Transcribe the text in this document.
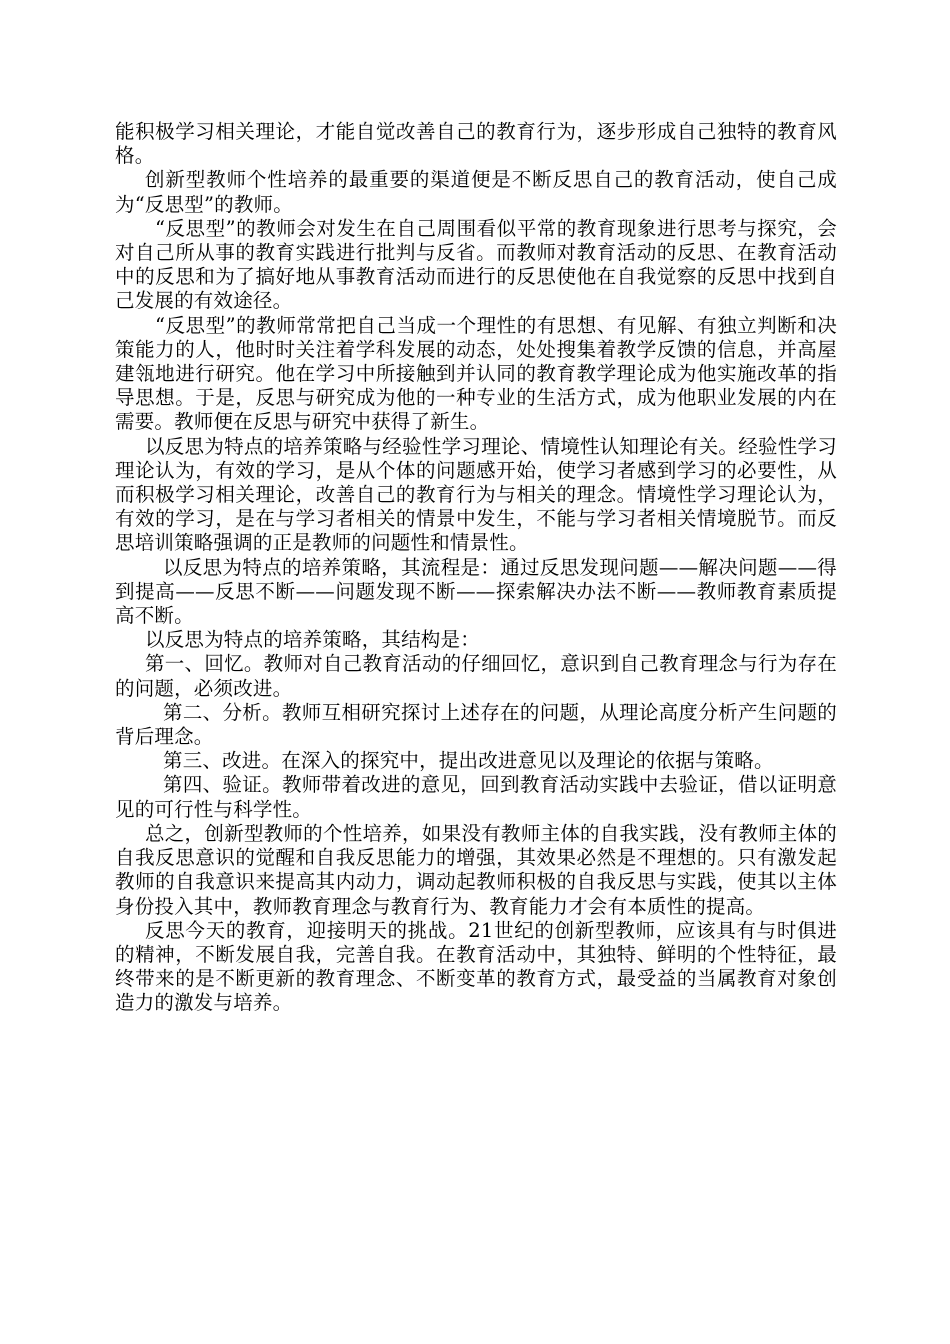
能积极学习相关理论，才能自觉改善自己的教育行为，逐步形成自己独特的教育风格。

创新型教师个性培养的最重要的渠道便是不断反思自己的教育活动，使自己成为“反思型”的教师。

“反思型”的教师会对发生在自己周围看似平常的教育现象进行思考与探究，会对自己所从事的教育实践进行批判与反省。而教师对教育活动的反思、在教育活动中的反思和为了搞好地从事教育活动而进行的反思使他在自我觉察的反思中找到自己发展的有效途径。

“反思型”的教师常常把自己当成一个理性的有思想、有见解、有独立判断和决策能力的人，他时时关注着学科发展的动态，处处搜集着教学反馈的信息，并高屋建瓴地进行研究。他在学习中所接触到并认同的教育教学理论成为他实施改革的指导思想。于是，反思与研究成为他的一种专业的生活方式，成为他职业发展的内在需要。教师便在反思与研究中获得了新生。

以反思为特点的培养策略与经验性学习理论、情境性认知理论有关。经验性学习理论认为，有效的学习，是从个体的问题感开始，使学习者感到学习的必要性，从而积极学习相关理论，改善自己的教育行为与相关的理念。情境性学习理论认为，有效的学习，是在与学习者相关的情景中发生，不能与学习者相关情境脱节。而反思培训策略强调的正是教师的问题性和情景性。

以反思为特点的培养策略，其流程是：通过反思发现问题——解决问题——得到提高——反思不断——问题发现不断——探索解决办法不断——教师教育素质提高不断。

以反思为特点的培养策略，其结构是：

第一、回忆。教师对自己教育活动的仔细回忆，意识到自己教育理念与行为存在的问题，必须改进。

第二、分析。教师互相研究探讨上述存在的问题，从理论高度分析产生问题的背后理念。

第三、改进。在深入的探究中，提出改进意见以及理论的依据与策略。

第四、验证。教师带着改进的意见，回到教育活动实践中去验证，借以证明意见的可行性与科学性。

总之，创新型教师的个性培养，如果没有教师主体的自我实践，没有教师主体的自我反思意识的觉醒和自我反思能力的增强，其效果必然是不理想的。只有激发起教师的自我意识来提高其内动力，调动起教师积极的自我反思与实践，使其以主体身份投入其中，教师教育理念与教育行为、教育能力才会有本质性的提高。

反思今天的教育，迎接明天的挑战。21世纪的创新型教师，应该具有与时俱进的精神，不断发展自我，完善自我。在教育活动中，其独特、鲜明的个性特征，最终带来的是不断更新的教育理念、不断变革的教育方式，最受益的当属教育对象创造力的激发与培养。
